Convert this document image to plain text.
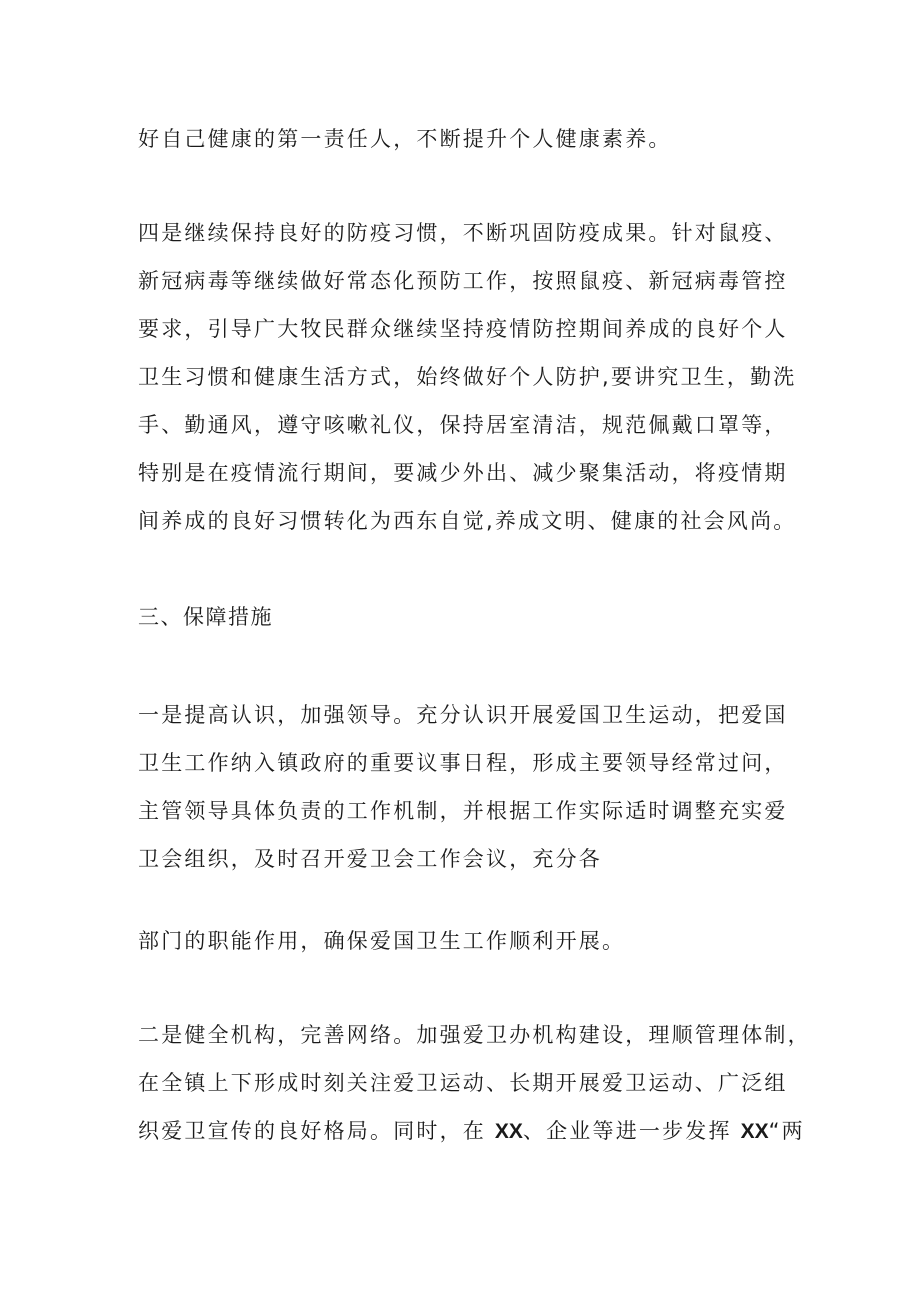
好自己健康的第一责任人，不断提升个人健康素养。
四是继续保持良好的防疫习惯，不断巩固防疫成果。针对鼠疫、
新冠病毒等继续做好常态化预防工作，按照鼠疫、新冠病毒管控
要求，引导广大牧民群众继续坚持疫情防控期间养成的良好个人
卫生习惯和健康生活方式，始终做好个人防护,要讲究卫生，勤洗
手、勤通风，遵守咳嗽礼仪，保持居室清洁，规范佩戴口罩等，
特别是在疫情流行期间，要减少外出、减少聚集活动，将疫情期
间养成的良好习惯转化为西东自觉,养成文明、健康的社会风尚。
三、保障措施
一是提高认识，加强领导。充分认识开展爱国卫生运动，把爱国
卫生工作纳入镇政府的重要议事日程，形成主要领导经常过问，
主管领导具体负责的工作机制，并根据工作实际适时调整充实爱
卫会组织，及时召开爱卫会工作会议，充分各
部门的职能作用，确保爱国卫生工作顺利开展。
二是健全机构，完善网络。加强爱卫办机构建设，理顺管理体制，
在全镇上下形成时刻关注爱卫运动、长期开展爱卫运动、广泛组
织爱卫宣传的良好格局。同时，在 XX、企业等进一步发挥 XX“两
